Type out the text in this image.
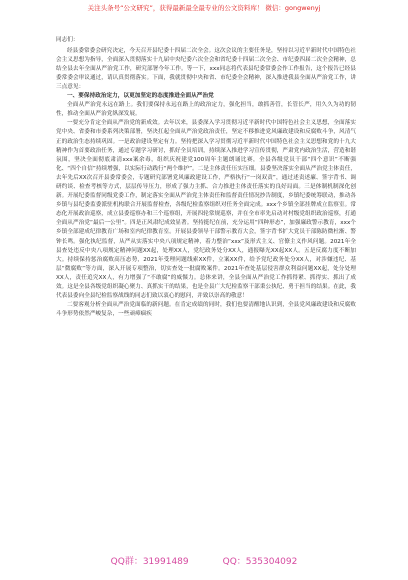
关注头条号“公文研究”，获得最新最全最专业的公文资料库！ 微信：gongwenyj

同志们：

经县委常委会研究决定，今天召开县纪委十四届二次全会。这次会议的主要任务是，坚持以习近平新时代中国特色社会主义思想为指导，全面深入贯彻落实十九届中央纪委六次全会和省纪委十四届二次全会、市纪委四届二次全会精神，总结全县去年全面从严治党工作，研究部署今年工作。等一下，xxx同志将代表县纪委常委会作工作报告，这个报告已经县委常委会审议通过，请认真贯彻落实。下面，我就贯彻中央和省、市纪委全会精神，深入推进我县全面从严治党工作，讲三点意见：

一、要保持政治定力，以更加坚定的态度推进全面从严治党

全面从严治党永远在路上。我们要保持永远在路上的政治定力，强化担当，敢抓善管，长管长严，用久久为功的韧性，推动全面从严治党纵深发展。

一要充分肯定全面从严治党的新成效。去年以来，县委深入学习贯彻习近平新时代中国特色社会主义思想，全面落实党中央、省委和市委系列决策部署，坚决扛起全面从严治党政治责任，坚定不移推进党风廉政建设和反腐败斗争，风清气正的政治生态持续巩固。一是政治建设坚定有力。坚持把深入学习贯彻习近平新时代中国特色社会主义思想和党的十九大精神作为首要政治任务，通过专题学习研讨，抓好全员培训，持续深入推进学习宣传贯彻，严肃党内政治生活，营造和谐氛围，坚决全面彻底肃清xxx案余毒，组织庆祝建党100周年主题朗诵比赛，全县各级党员干部“四个意识”不断强化、“四个自信”持续增强，以实际行动践行“两个维护”。二是主体责任压实压细。县委坚决落实全面从严治党主体责任，去年先后XX次召开县委常委会，专题研究部署党风廉政建设工作，严格执行“一岗双责”，通过述责述廉、签字背书、调研约谈、检查考核等方式，层层传导压力，形成了强力主抓、合力推进主体责任落实的良好局面。三是体制机制深化创新。开展纪委监督同级党委工作，制定落实全面从严治党主体责任和监督责任情况抄告制度，乡镇纪委统筹联动，推动各乡镇与县纪委监委派驻机构联合开展监督检查，各级纪检监察组织对任务全面完成。xxx个乡镇全部挂牌成立监察室。常态化开展政治巡察，成立县委巡察办和三个巡察组，开展四轮常规巡察，并在全市率先启动对村级党组织政治巡察，打通全面从严治党“最后一公里”。四是正风肃纪成效显著。坚持挺纪在前，充分运用“四种形态”，加强廉政警示教育，xxx个乡镇全部建成纪律教育广场和室内纪律教育室。开展县委领导干部警示教育大会，签字背书扩大党员干部陈防微杜渐、警钟长鸣。强化执纪监督，从严从实落实中央八项规定精神，着力整治“xxx”及形式主义、官僚主义作风问题。2021年全县查处违反中央八项规定精神问题XX起，处理XX人，党纪政务处分XX人，通报曝光XX起XX人。五是反腐力度不断加大。持续保持惩治腐败高压态势，2021年受理问题线索XX件，立案XX件，给予党纪政务处分XX人，对涉嫌违纪、基层“微腐败”等方面，深入开展专项整治，切实查处一批腐败案件。2021年查处基层侵害群众利益问题XX起，处分处理XX人，责任追究XX人，有力增强了“不敢腐”的威慑力。总体来讲，全县全面从严治党工作抓得紧、抓得实、抓出了成效。这是全县各级党组织凝心聚力、真抓实干的结果，也是全县广大纪检监察干部秉公执纪、勇于担当的结果。在此，我代表县委向全县纪检监察战线的同志们致以衷心的慰问，并致以崇高的敬意！

二要客观分析全面从严治党面临的新问题。在肯定成绩的同时，我们也要清醒地认识到，全县党风廉政建设和反腐败斗争形势依然严峻复杂，一些顽瘴痼疾

QQ群：31991489	QQ：535304092
